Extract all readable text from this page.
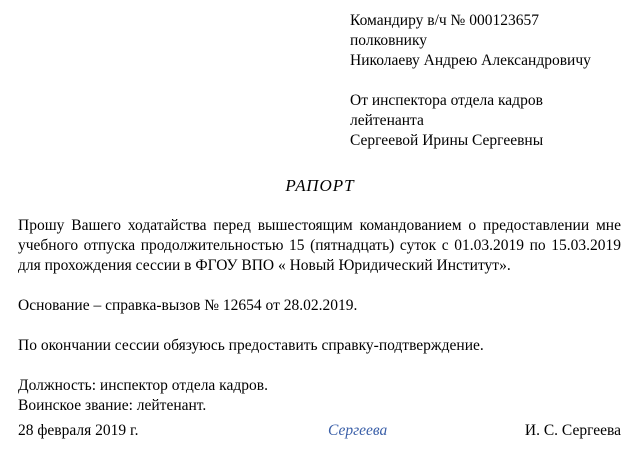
Командиру в/ч № 000123657
полковнику
Николаеву Андрею Александровичу
От инспектора отдела кадров
лейтенанта
Сергеевой Ирины Сергеевны
РАПОРТ
Прошу Вашего ходатайства перед вышестоящим командованием о предоставлении мне учебного отпуска продолжительностью 15 (пятнадцать) суток с 01.03.2019 по 15.03.2019 для прохождения сессии в ФГОУ ВПО « Новый Юридический Институт».
Основание – справка-вызов № 12654 от 28.02.2019.
По окончании сессии обязуюсь предоставить справку-подтверждение.
Должность: инспектор отдела кадров.
Воинское звание: лейтенант.
28 февраля 2019 г.	Сергеева	И. С. Сергеева
